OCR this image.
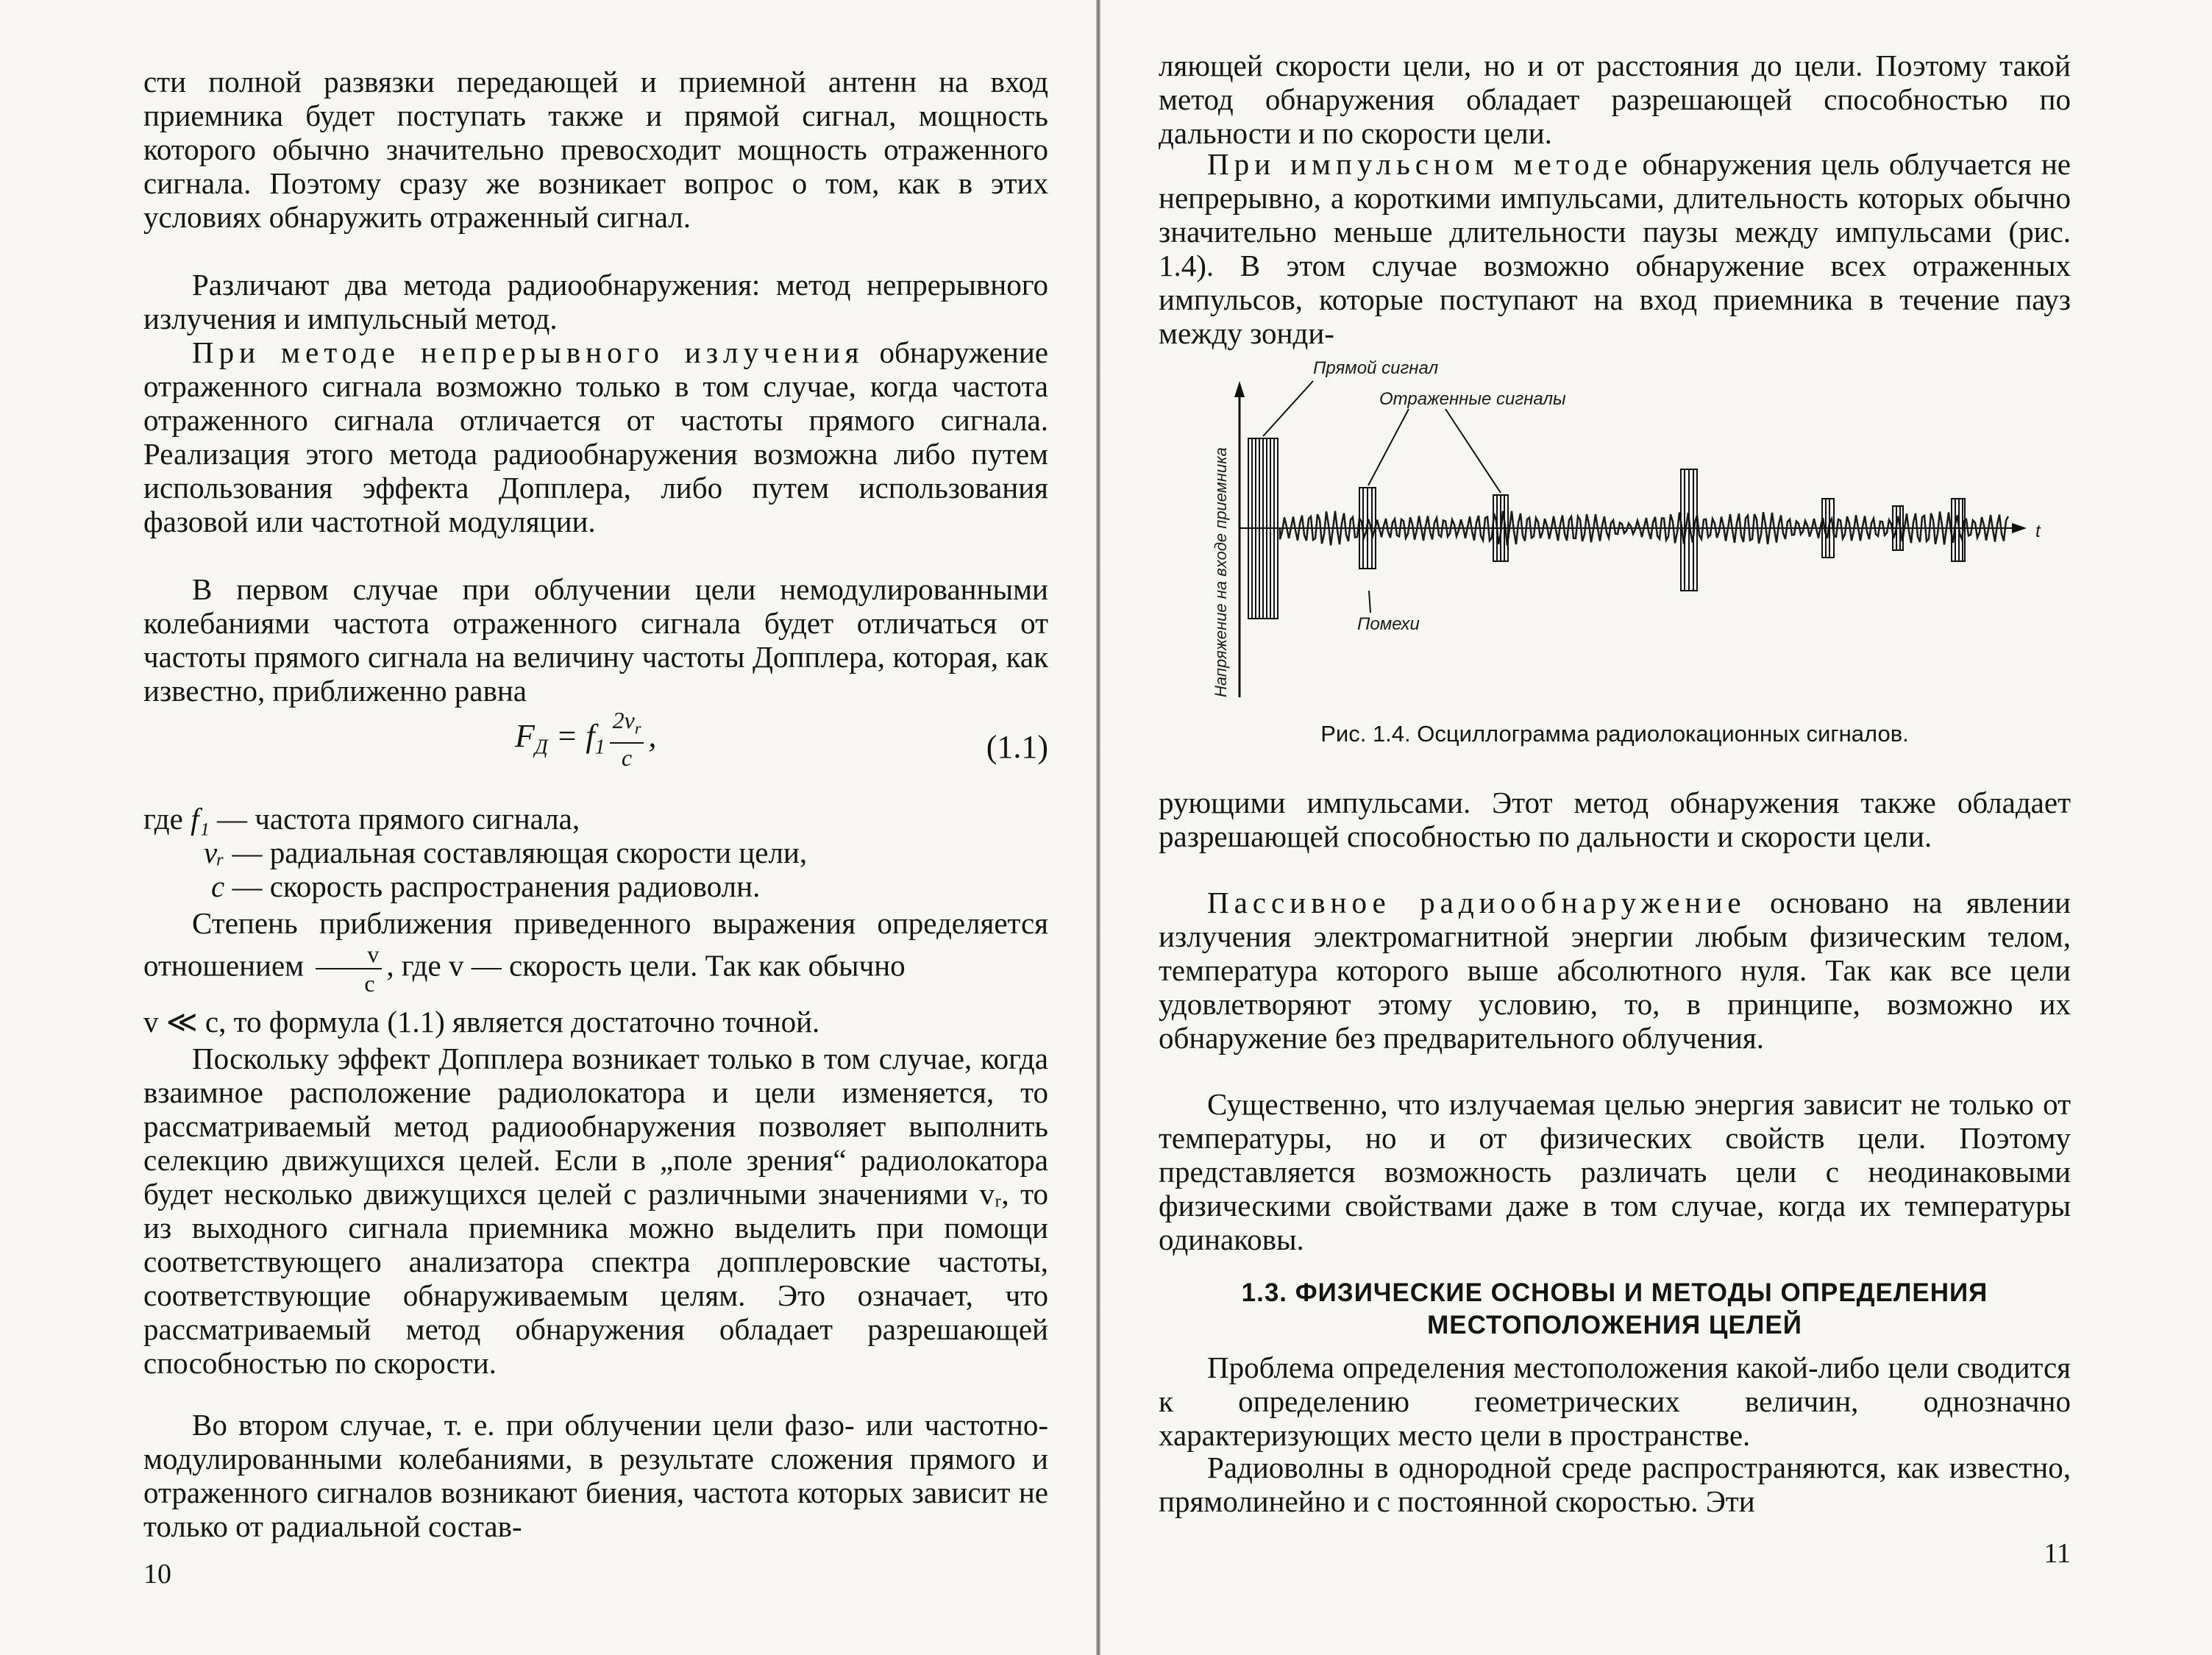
сти полной развязки передающей и приемной антенн на вход приемника будет поступать также и прямой сигнал, мощность которого обычно значительно превосходит мощность отраженного сигнала. Поэтому сразу же возникает вопрос о том, как в этих условиях обнаружить отраженный сигнал.

Различают два метода радиообнаружения: метод непрерывного излучения и импульсный метод.

При методе непрерывного излучения обнаружение отраженного сигнала возможно только в том случае, когда частота отраженного сигнала отличается от частоты прямого сигнала. Реализация этого метода радиообнаружения возможна либо путем использования эффекта Допплера, либо путем использования фазовой или частотной модуляции.

В первом случае при облучении цели немодулированными колебаниями частота отраженного сигнала будет отличаться от частоты прямого сигнала на величину частоты Допплера, которая, как известно, приближенно равна

$F_Д = f_1 \frac{2v_r}{c}$ ,	(1.1)
где f₁ — частота прямого сигнала,
vᵣ — радиальная составляющая скорости цели,
c — скорость распространения радиоволн.

Степень приближения приведенного выражения определяется отношением $\frac{v}{c}$ , где v — скорость цели. Так как обычно

v ≪ c, то формула (1.1) является достаточно точной.

Поскольку эффект Допплера возникает только в том случае, когда взаимное расположение радиолокатора и цели изменяется, то рассматриваемый метод радиообнаружения позволяет выполнить селекцию движущихся целей. Если в „поле зрения“ радиолокатора будет несколько движущихся целей с различными значениями vᵣ, то из выходного сигнала приемника можно выделить при помощи соответствующего анализатора спектра допплеровские частоты, соответствующие обнаруживаемым целям. Это означает, что рассматриваемый метод обнаружения обладает разрешающей способностью по скорости.

Во втором случае, т. е. при облучении цели фазо- или частотно-модулированными колебаниями, в результате сложения прямого и отраженного сигналов возникают биения, частота которых зависит не только от радиальной состав-

10

ляющей скорости цели, но и от расстояния до цели. Поэтому такой метод обнаружения обладает разрешающей способностью по дальности и по скорости цели.

При импульсном методе обнаружения цель облучается не непрерывно, а короткими импульсами, длительность которых обычно значительно меньше длительности паузы между импульсами (рис. 1.4). В этом случае возможно обнаружение всех отраженных импульсов, которые поступают на вход приемника в течение пауз между зонди-

t
Напряжение на входе приемника
Прямой сигнал
Отраженные сигналы
Помехи
Рис. 1.4. Осциллограмма радиолокационных сигналов.

рующими импульсами. Этот метод обнаружения также обладает разрешающей способностью по дальности и скорости цели.

Пассивное радиообнаружение основано на явлении излучения электромагнитной энергии любым физическим телом, температура которого выше абсолютного нуля. Так как все цели удовлетворяют этому условию, то, в принципе, возможно их обнаружение без предварительного облучения.

Существенно, что излучаемая целью энергия зависит не только от температуры, но и от физических свойств цели. Поэтому представляется возможность различать цели с неодинаковыми физическими свойствами даже в том случае, когда их температуры одинаковы.

1.3. ФИЗИЧЕСКИЕ ОСНОВЫ И МЕТОДЫ ОПРЕДЕЛЕНИЯ
МЕСТОПОЛОЖЕНИЯ ЦЕЛЕЙ

Проблема определения местоположения какой-либо цели сводится к определению геометрических величин, однозначно характеризующих место цели в пространстве.

Радиоволны в однородной среде распространяются, как известно, прямолинейно и с постоянной скоростью. Эти

11
